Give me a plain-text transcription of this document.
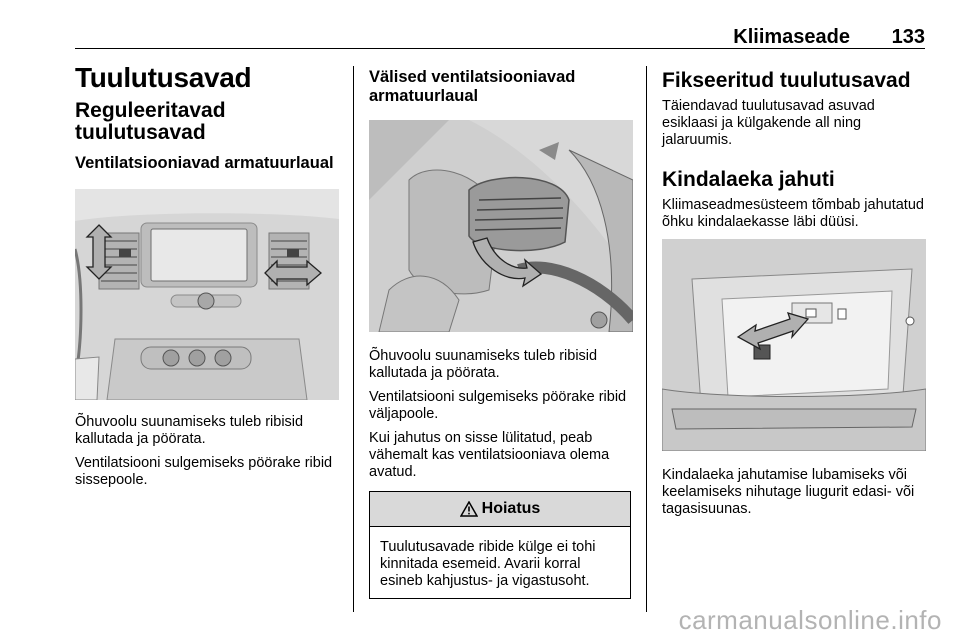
Kliimaseade	133
Tuulutusavad
Reguleeritavad tuulutusavad
Ventilatsiooniavad armatuurlaual

Õhuvoolu suunamiseks tuleb ribisid kallutada ja pöörata.

Ventilatsiooni sulgemiseks pöörake ribid sissepoole.

Välised ventilatsiooniavad armatuurlaual

Õhuvoolu suunamiseks tuleb ribisid kallutada ja pöörata.

Ventilatsiooni sulgemiseks pöörake ribid väljapoole.

Kui jahutus on sisse lülitatud, peab vähemalt kas ventilatsiooniava olema avatud.

Hoiatus
Tuulutusavade ribide külge ei tohi kinnitada esemeid. Avarii korral esineb kahjustus- ja vigastusoht.
Fikseeritud tuulutusavad

Täiendavad tuulutusavad asuvad esiklaasi ja külgakende all ning jalaruumis.

Kindalaeka jahuti

Kliimaseadmesüsteem tõmbab jahutatud õhku kindalaekasse läbi düüsi.

Kindalaeka jahutamise lubamiseks või keelamiseks nihutage liugurit edasi- või tagasisuunas.

carmanualsonline.info
